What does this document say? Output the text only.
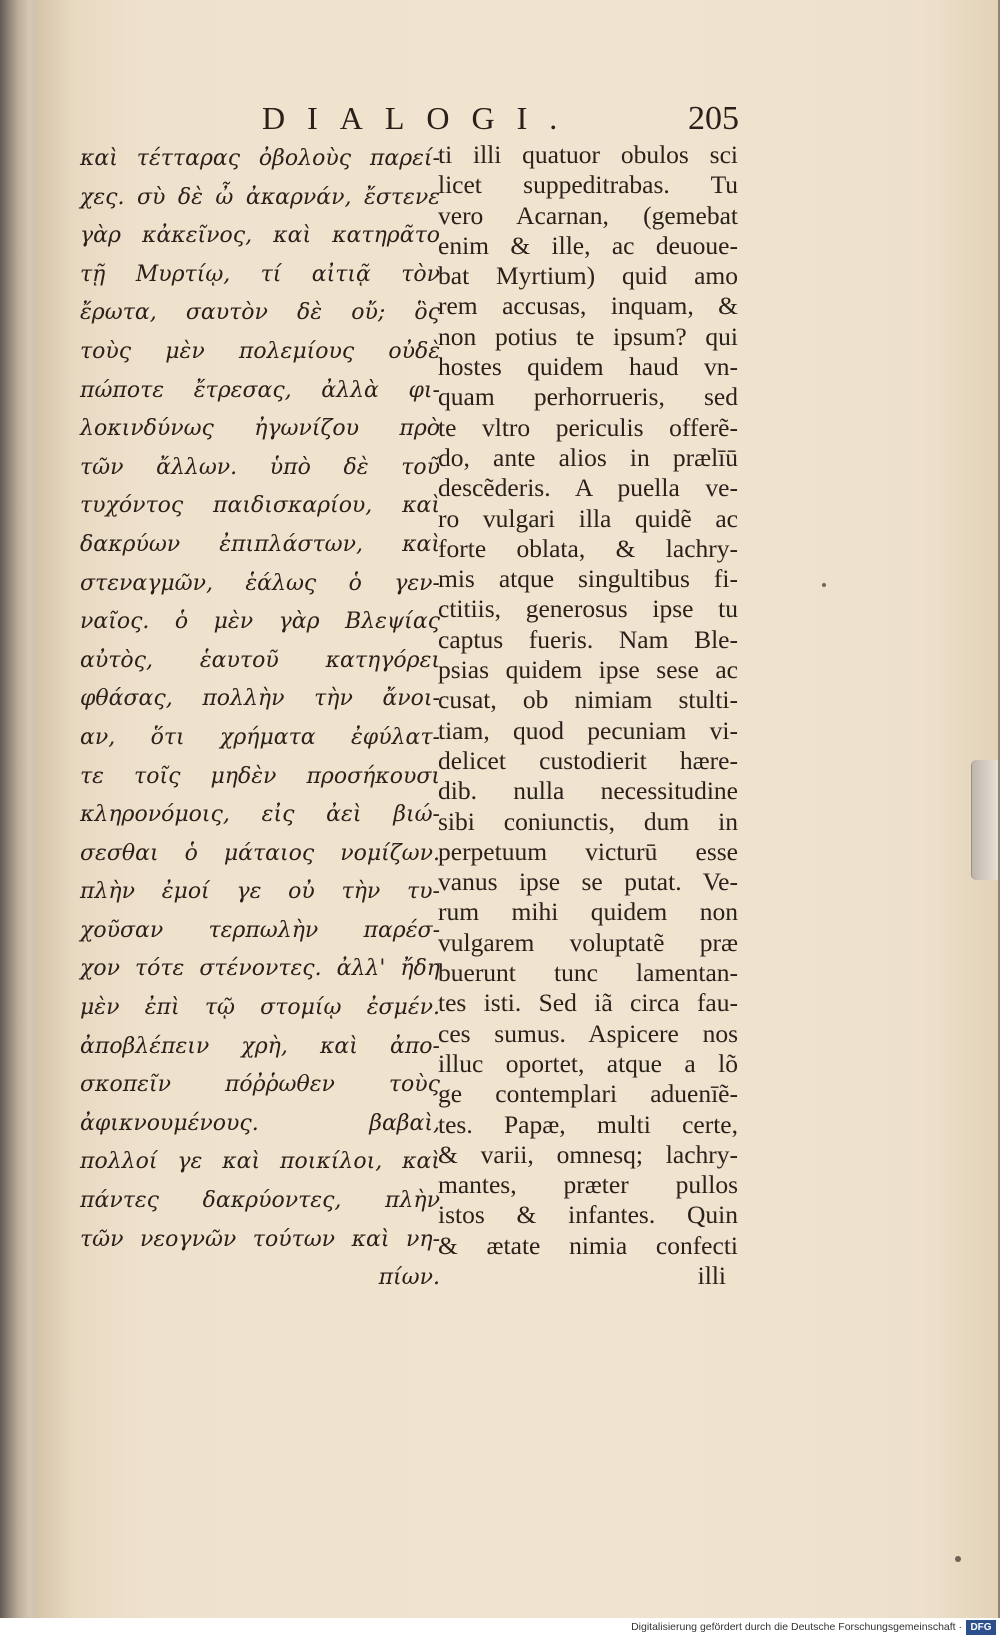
DIALOGI.	205
καὶ τέτταρας ὀβολοὺς παρεί-
χες. σὺ δὲ ὦ ἀκαρνάν, ἔστενε
γὰρ κἀκεῖνος, καὶ κατηρᾶτο
τῇ Μυρτίῳ, τί αἰτιᾷ τὸν
ἔρωτα, σαυτὸν δὲ οὔ; ὃς
τοὺς μὲν πολεμίους οὐδὲ
πώποτε ἔτρεσας, ἀλλὰ φι-
λοκινδύνως ἠγωνίζου πρὸ
τῶν ἄλλων. ὑπὸ δὲ τοῦ
τυχόντος παιδισκαρίου, καὶ
δακρύων ἐπιπλάστων, καὶ
στεναγμῶν, ἑάλως ὁ γεν-
ναῖος. ὁ μὲν γὰρ Βλεψίας
αὐτὸς, ἑαυτοῦ κατηγόρει
φθάσας, πολλὴν τὴν ἄνοι-
αν, ὅτι χρήματα ἐφύλατ-
τε τοῖς μηδὲν προσήκουσι
κληρονόμοις, εἰς ἀεὶ βιώ-
σεσθαι ὁ μάταιος νομίζων.
πλὴν ἐμοί γε οὐ τὴν τυ-
χοῦσαν τερπωλὴν παρέσ-
χον τότε στένοντες. ἀλλ' ἤδη
μὲν ἐπὶ τῷ στομίῳ ἐσμέν.
ἀποβλέπειν χρὴ, καὶ ἀπο-
σκοπεῖν πόῤῥωθεν τοὺς
ἀφικνουμένους. βαβαὶ,
πολλοί γε καὶ ποικίλοι, καὶ
πάντες δακρύοντες, πλὴν
τῶν νεογνῶν τούτων καὶ νη-
πίων.
ti illi quatuor obulos sci
licet suppeditrabas. Tu
vero Acarnan, (gemebat
enim & ille, ac deuoue-
bat Myrtium) quid amo
rem accusas, inquam, &
non potius te ipsum? qui
hostes quidem haud vn-
quam perhorrueris, sed
te vltro periculis offerẽ-
do, ante alios in prælīū
descẽderis. A puella ve-
ro vulgari illa quidẽ ac
forte oblata, & lachry-
mis atque singultibus fi-
ctitiis, generosus ipse tu
captus fueris. Nam Ble-
psias quidem ipse sese ac
cusat, ob nimiam stulti-
tiam, quod pecuniam vi-
delicet custodierit hære-
dib. nulla necessitudine
sibi coniunctis, dum in
perpetuum victurū esse
vanus ipse se putat. Ve-
rum mihi quidem non
vulgarem voluptatẽ præ
buerunt tunc lamentan-
tes isti. Sed iã circa fau-
ces sumus. Aspicere nos
illuc oportet, atque a lõ
ge contemplari aduenīẽ-
tes. Papæ, multi certe,
& varii, omnesq; lachry-
mantes, præter pullos
istos & infantes. Quin
& ætate nimia confecti
illi
Digitalisierung gefördert durch die Deutsche Forschungsgemeinschaft · DFG
